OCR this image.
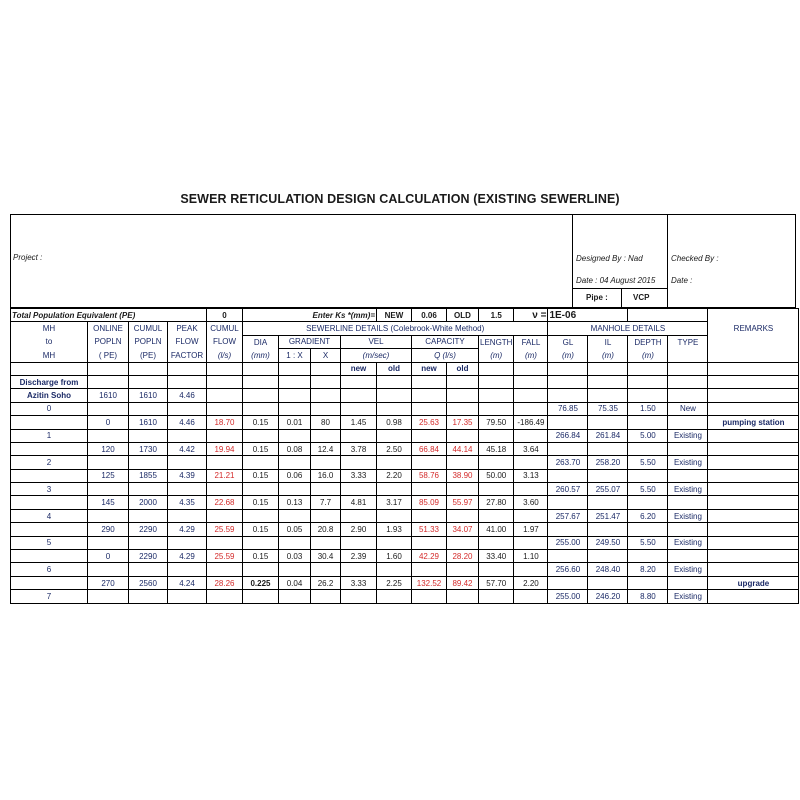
SEWER RETICULATION DESIGN CALCULATION (EXISTING SEWERLINE)
Project :	Designed By : Nad
Date : 04 August 2015
Checked By :
Date :
Pipe :	VCP
Total Population Equivalent (PE)				0	Enter Ks *(mm)=				NEW	0.06	OLD	1.5	ν =	1E-06				
MH	ONLINE	CUMUL	PEAK	CUMUL	SEWERLINE DETAILS (Colebrook-White Method)									MANHOLE DETAILS				REMARKS
to	POPLN	POPLN	FLOW	FLOW	DIA	GRADIENT		VEL		CAPACITY		LENGTH	FALL	GL	IL	DEPTH	TYPE	
MH	( PE)	(PE)	FACTOR	(l/s)	(mm)	1 : X	X	(m/sec)		Q (l/s)		(m)	(m)	(m)	(m)	(m)		
								new	old	new	old							
Discharge from																		
Azitin Soho	1610	1610	4.46															
0														76.85	75.35	1.50	New	
	0	1610	4.46	18.70	0.15	0.01	80	1.45	0.98	25.63	17.35	79.50	-186.49					pumping station
1														266.84	261.84	5.00	Existing	
	120	1730	4.42	19.94	0.15	0.08	12.4	3.78	2.50	66.84	44.14	45.18	3.64					
2														263.70	258.20	5.50	Existing	
	125	1855	4.39	21.21	0.15	0.06	16.0	3.33	2.20	58.76	38.90	50.00	3.13					
3														260.57	255.07	5.50	Existing	
	145	2000	4.35	22.68	0.15	0.13	7.7	4.81	3.17	85.09	55.97	27.80	3.60					
4														257.67	251.47	6.20	Existing	
	290	2290	4.29	25.59	0.15	0.05	20.8	2.90	1.93	51.33	34.07	41.00	1.97					
5														255.00	249.50	5.50	Existing	
	0	2290	4.29	25.59	0.15	0.03	30.4	2.39	1.60	42.29	28.20	33.40	1.10					
6														256.60	248.40	8.20	Existing	
	270	2560	4.24	28.26	0.225	0.04	26.2	3.33	2.25	132.52	89.42	57.70	2.20					upgrade
7														255.00	246.20	8.80	Existing	
